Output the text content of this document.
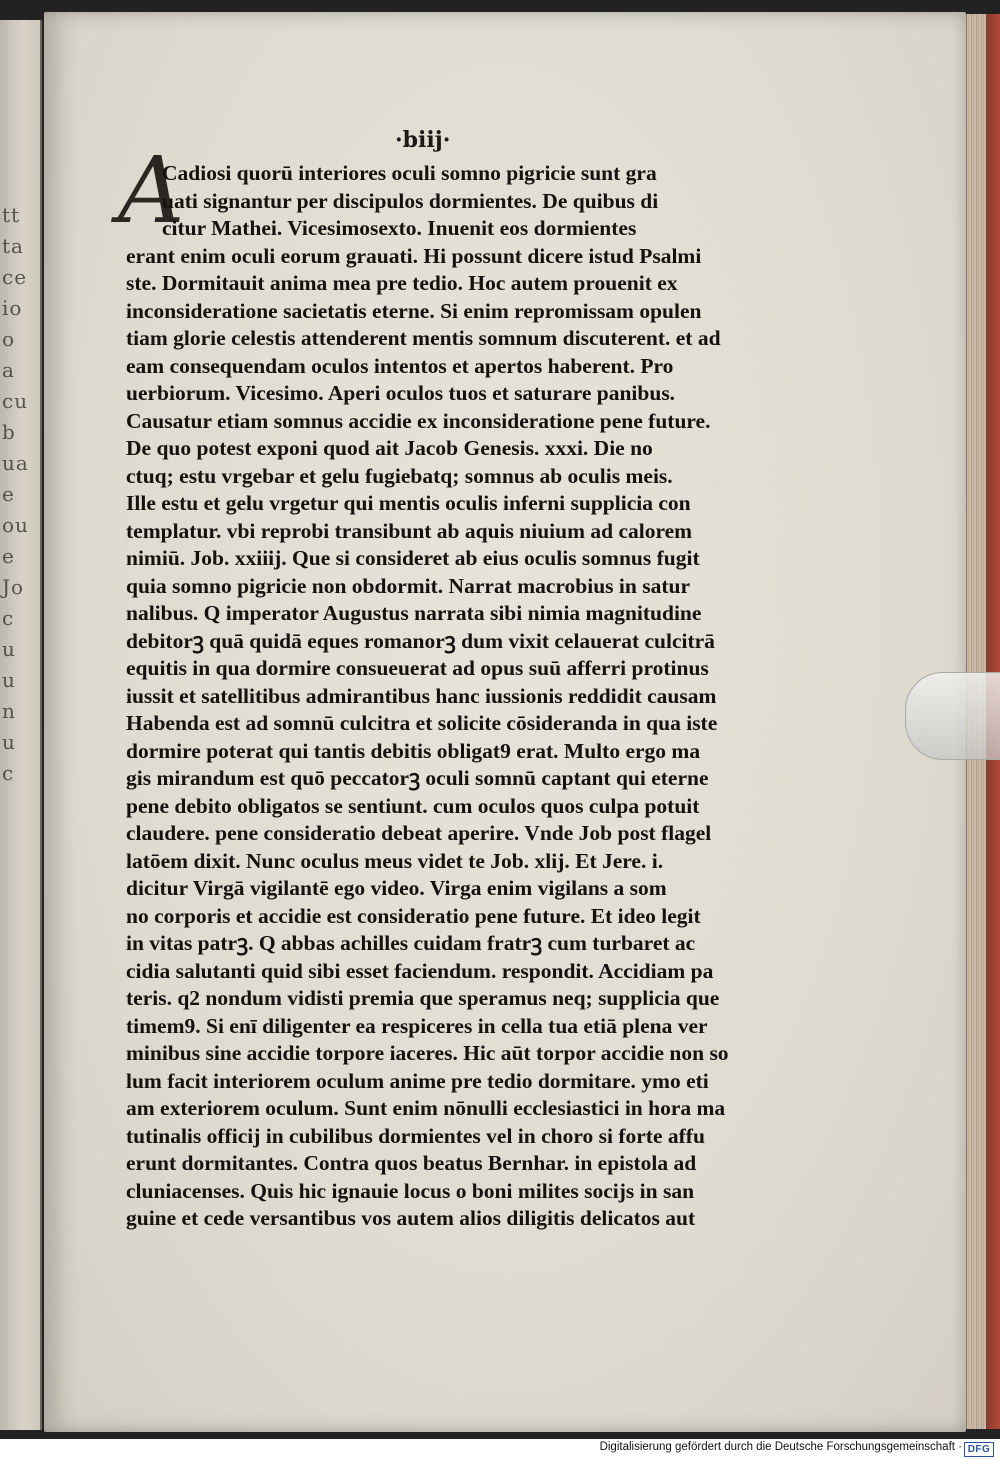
tt
ta
ce
io
o
a
cu
b
ua
e
ou
e
Jo
c
u
u
n
u
c

·biij·
A
Cadiosi quorū interiores oculi somno pigricie sunt gra
uati signantur per discipulos dormientes. De quibus di
citur Mathei. Vicesimosexto. Inuenit eos dormientes
erant enim oculi eorum grauati. Hi possunt dicere istud Psalmi
ste. Dormitauit anima mea pre tedio. Hoc autem prouenit ex
inconsideratione sacietatis eterne. Si enim repromissam opulen
tiam glorie celestis attenderent mentis somnum discuterent. et ad
eam consequendam oculos intentos et apertos haberent. Pro
uerbiorum. Vicesimo. Aperi oculos tuos et saturare panibus.
Causatur etiam somnus accidie ex inconsideratione pene future.
De quo potest exponi quod ait Jacob Genesis. xxxi. Die no
ctuq; estu vrgebar et gelu fugiebatq; somnus ab oculis meis.
Ille estu et gelu vrgetur qui mentis oculis inferni supplicia con
templatur. vbi reprobi transibunt ab aquis niuium ad calorem
nimiū. Job. xxiiij. Que si consideret ab eius oculis somnus fugit
quia somno pigricie non obdormit. Narrat macrobius in satur
nalibus. Q imperator Augustus narrata sibi nimia magnitudine
debitorꝫ quā quidā eques romanorꝫ dum vixit celauerat culcitrā
equitis in qua dormire consueuerat ad opus suū afferri protinus
iussit et satellitibus admirantibus hanc iussionis reddidit causam
Habenda est ad somnū culcitra et solicite cōsideranda in qua iste
dormire poterat qui tantis debitis obligat9 erat. Multo ergo ma
gis mirandum est quō peccatorꝫ oculi somnū captant qui eterne
pene debito obligatos se sentiunt. cum oculos quos culpa potuit
claudere. pene consideratio debeat aperire. Vnde Job post flagel
latōem dixit. Nunc oculus meus videt te Job. xlij. Et Jere. i.
dicitur Virgā vigilantē ego video. Virga enim vigilans a som
no corporis et accidie est consideratio pene future. Et ideo legit
in vitas patrꝫ. Q abbas achilles cuidam fratrꝫ cum turbaret ac
cidia salutanti quid sibi esset faciendum. respondit. Accidiam pa
teris. q2 nondum vidisti premia que speramus neq; supplicia que
timem9. Si enī diligenter ea respiceres in cella tua etiā plena ver
minibus sine accidie torpore iaceres. Hic aūt torpor accidie non so
lum facit interiorem oculum anime pre tedio dormitare. ymo eti
am exteriorem oculum. Sunt enim nōnulli ecclesiastici in hora ma
tutinalis officij in cubilibus dormientes vel in choro si forte affu
erunt dormitantes. Contra quos beatus Bernhar. in epistola ad
cluniacenses. Quis hic ignauie locus o boni milites socijs in san
guine et cede versantibus vos autem alios diligitis delicatos aut
Digitalisierung gefördert durch die Deutsche Forschungsgemeinschaft · DFG
